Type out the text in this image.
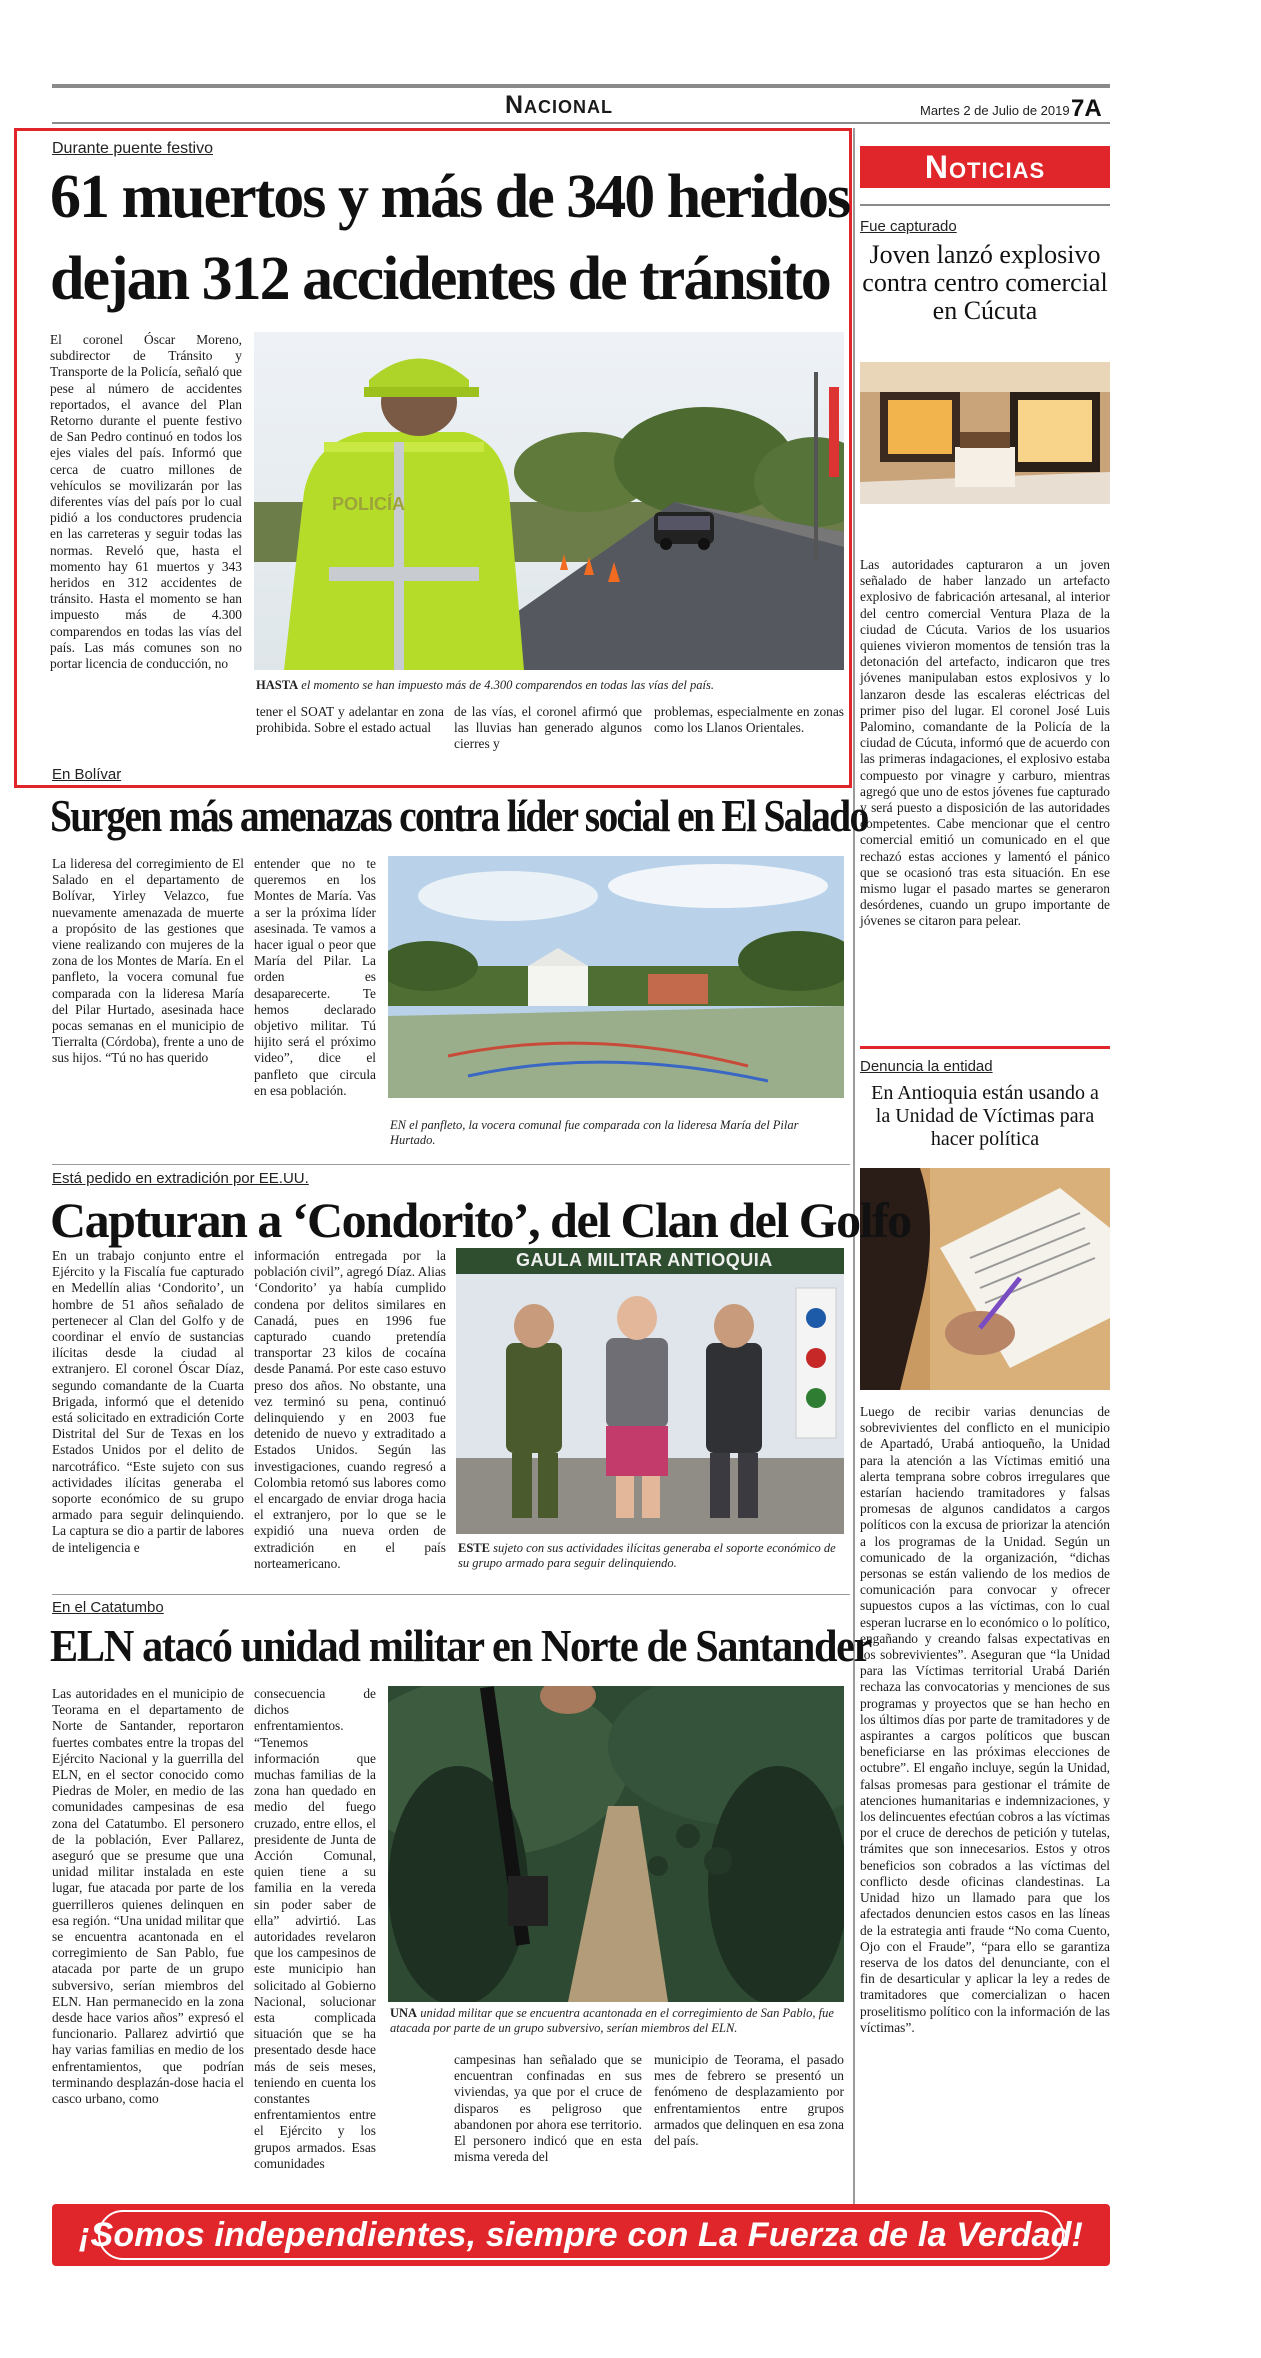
Nacional	Martes 2 de Julio de 2019 7A
Durante puente festivo
61 muertos y más de 340 heridos
dejan 312 accidentes de tránsito
El coronel Óscar Moreno, subdirector de Tránsito y Transporte de la Policía, señaló que pese al número de accidentes reportados, el avance del Plan Retorno durante el puente festivo de San Pedro continuó en todos los ejes viales del país. Informó que cerca de cuatro millones de vehículos se movilizarán por las diferentes vías del país por lo cual pidió a los conductores prudencia en las carreteras y seguir todas las normas. Reveló que, hasta el momento hay 61 muertos y 343 heridos en 312 accidentes de tránsito. Hasta el momento se han impuesto más de 4.300 comparendos en todas las vías del país. Las más comunes son no portar licencia de conducción, no
POLICÍA
HASTA el momento se han impuesto más de 4.300 comparendos en todas las vías del país.
tener el SOAT y adelantar en zona prohibida. Sobre el estado actual
de las vías, el coronel afirmó que las lluvias han generado algunos cierres y
problemas, especialmente en zonas como los Llanos Orientales.
Noticias
Fue capturado
Joven lanzó explosivo contra centro comercial en Cúcuta
Las autoridades capturaron a un joven señalado de haber lanzado un artefacto explosivo de fabricación artesanal, al interior del centro comercial Ventura Plaza de la ciudad de Cúcuta. Varios de los usuarios quienes vivieron momentos de tensión tras la detonación del artefacto, indicaron que tres jóvenes manipulaban estos explosivos y lo lanzaron desde las escaleras eléctricas del primer piso del lugar. El coronel José Luis Palomino, comandante de la Policía de la ciudad de Cúcuta, informó que de acuerdo con las primeras indagaciones, el explosivo estaba compuesto por vinagre y carburo, mientras agregó que uno de estos jóvenes fue capturado y será puesto a disposición de las autoridades competentes. Cabe mencionar que el centro comercial emitió un comunicado en el que rechazó estas acciones y lamentó el pánico que se ocasionó tras esta situación. En ese mismo lugar el pasado martes se generaron desórdenes, cuando un grupo importante de jóvenes se citaron para pelear.
Denuncia la entidad
En Antioquia están usando a la Unidad de Víctimas para hacer política
Luego de recibir varias denuncias de sobrevivientes del conflicto en el municipio de Apartadó, Urabá antioqueño, la Unidad para la atención a las Víctimas emitió una alerta temprana sobre cobros irregulares que estarían haciendo tramitadores y falsas promesas de algunos candidatos a cargos políticos con la excusa de priorizar la atención a los programas de la Unidad. Según un comunicado de la organización, “dichas personas se están valiendo de los medios de comunicación para convocar y ofrecer supuestos cupos a las víctimas, con lo cual esperan lucrarse en lo económico o lo político, engañando y creando falsas expectativas en los sobrevivientes”. Aseguran que “la Unidad para las Víctimas territorial Urabá Darién rechaza las convocatorias y menciones de sus programas y proyectos que se han hecho en los últimos días por parte de tramitadores y de aspirantes a cargos políticos que buscan beneficiarse en las próximas elecciones de octubre”. El engaño incluye, según la Unidad, falsas promesas para gestionar el trámite de atenciones humanitarias e indemnizaciones, y los delincuentes efectúan cobros a las víctimas por el cruce de derechos de petición y tutelas, trámites que son innecesarios. Estos y otros beneficios son cobrados a las víctimas del conflicto desde oficinas clandestinas. La Unidad hizo un llamado para que los afectados denuncien estos casos en las líneas de la estrategia anti fraude “No coma Cuento, Ojo con el Fraude”, “para ello se garantiza reserva de los datos del denunciante, con el fin de desarticular y aplicar la ley a redes de tramitadores que comercializan o hacen proselitismo político con la información de las víctimas”.
En Bolívar
Surgen más amenazas contra líder social en El Salado
La lideresa del corregimiento de El Salado en el departamento de Bolívar, Yirley Velazco, fue nuevamente amenazada de muerte a propósito de las gestiones que viene realizando con mujeres de la zona de los Montes de María. En el panfleto, la vocera comunal fue comparada con la lideresa María del Pilar Hurtado, asesinada hace pocas semanas en el municipio de Tierralta (Córdoba), frente a uno de sus hijos. “Tú no has querido
entender que no te queremos en los Montes de María. Vas a ser la próxima líder asesinada. Te vamos a hacer igual o peor que María del Pilar. La orden es desaparecerte. Te hemos declarado objetivo militar. Tú hijito será el próximo video”, dice el panfleto que circula en esa población.
EN el panfleto, la vocera comunal fue comparada con la lideresa María del Pilar Hurtado.
Está pedido en extradición por EE.UU.
Capturan a ‘Condorito’, del Clan del Golfo
En un trabajo conjunto entre el Ejército y la Fiscalía fue capturado en Medellín alias ‘Condorito’, un hombre de 51 años señalado de pertenecer al Clan del Golfo y de coordinar el envío de sustancias ilícitas desde la ciudad al extranjero. El coronel Óscar Díaz, segundo comandante de la Cuarta Brigada, informó que el detenido está solicitado en extradición Corte Distrital del Sur de Texas en los Estados Unidos por el delito de narcotráfico. “Este sujeto con sus actividades ilícitas generaba el soporte económico de su grupo armado para seguir delinquiendo. La captura se dio a partir de labores de inteligencia e
información entregada por la población civil”, agregó Díaz. Alias ‘Condorito’ ya había cumplido condena por delitos similares en Canadá, pues en 1996 fue capturado cuando pretendía transportar 23 kilos de cocaína desde Panamá. Por este caso estuvo preso dos años. No obstante, una vez terminó su pena, continuó delinquiendo y en 2003 fue detenido de nuevo y extraditado a Estados Unidos. Según las investigaciones, cuando regresó a Colombia retomó sus labores como el encargado de enviar droga hacia el extranjero, por lo que se le expidió una nueva orden de extradición en el país norteamericano.
GAULA MILITAR ANTIOQUIA
ESTE sujeto con sus actividades ilícitas generaba el soporte económico de su grupo armado para seguir delinquiendo.
En el Catatumbo
ELN atacó unidad militar en Norte de Santander
Las autoridades en el municipio de Teorama en el departamento de Norte de Santander, reportaron fuertes combates entre la tropas del Ejército Nacional y la guerrilla del ELN, en el sector conocido como Piedras de Moler, en medio de las comunidades campesinas de esa zona del Catatumbo. El personero de la población, Ever Pallarez, aseguró que se presume que una unidad militar instalada en este lugar, fue atacada por parte de los guerrilleros quienes delinquen en esa región. “Una unidad militar que se encuentra acantonada en el corregimiento de San Pablo, fue atacada por parte de un grupo subversivo, serían miembros del ELN. Han permanecido en la zona desde hace varios años” expresó el funcionario. Pallarez advirtió que hay varias familias en medio de los enfrentamientos, que podrían terminando desplazán-dose hacia el casco urbano, como
consecuencia de dichos enfrentamientos. “Tenemos información que muchas familias de la zona han quedado en medio del fuego cruzado, entre ellos, el presidente de Junta de Acción Comunal, quien tiene a su familia en la vereda sin poder saber de ella” advirtió. Las autoridades revelaron que los campesinos de este municipio han solicitado al Gobierno Nacional, solucionar esta complicada situación que se ha presentado desde hace más de seis meses, teniendo en cuenta los constantes enfrentamientos entre el Ejército y los grupos armados. Esas comunidades
UNA unidad militar que se encuentra acantonada en el corregimiento de San Pablo, fue atacada por parte de un grupo subversivo, serían miembros del ELN.
campesinas han señalado que se encuentran confinadas en sus viviendas, ya que por el cruce de disparos es peligroso que abandonen por ahora ese territorio. El personero indicó que en esta misma vereda del
municipio de Teorama, el pasado mes de febrero se presentó un fenómeno de desplazamiento por enfrentamientos entre grupos armados que delinquen en esa zona del país.
¡Somos independientes, siempre con La Fuerza de la Verdad!
